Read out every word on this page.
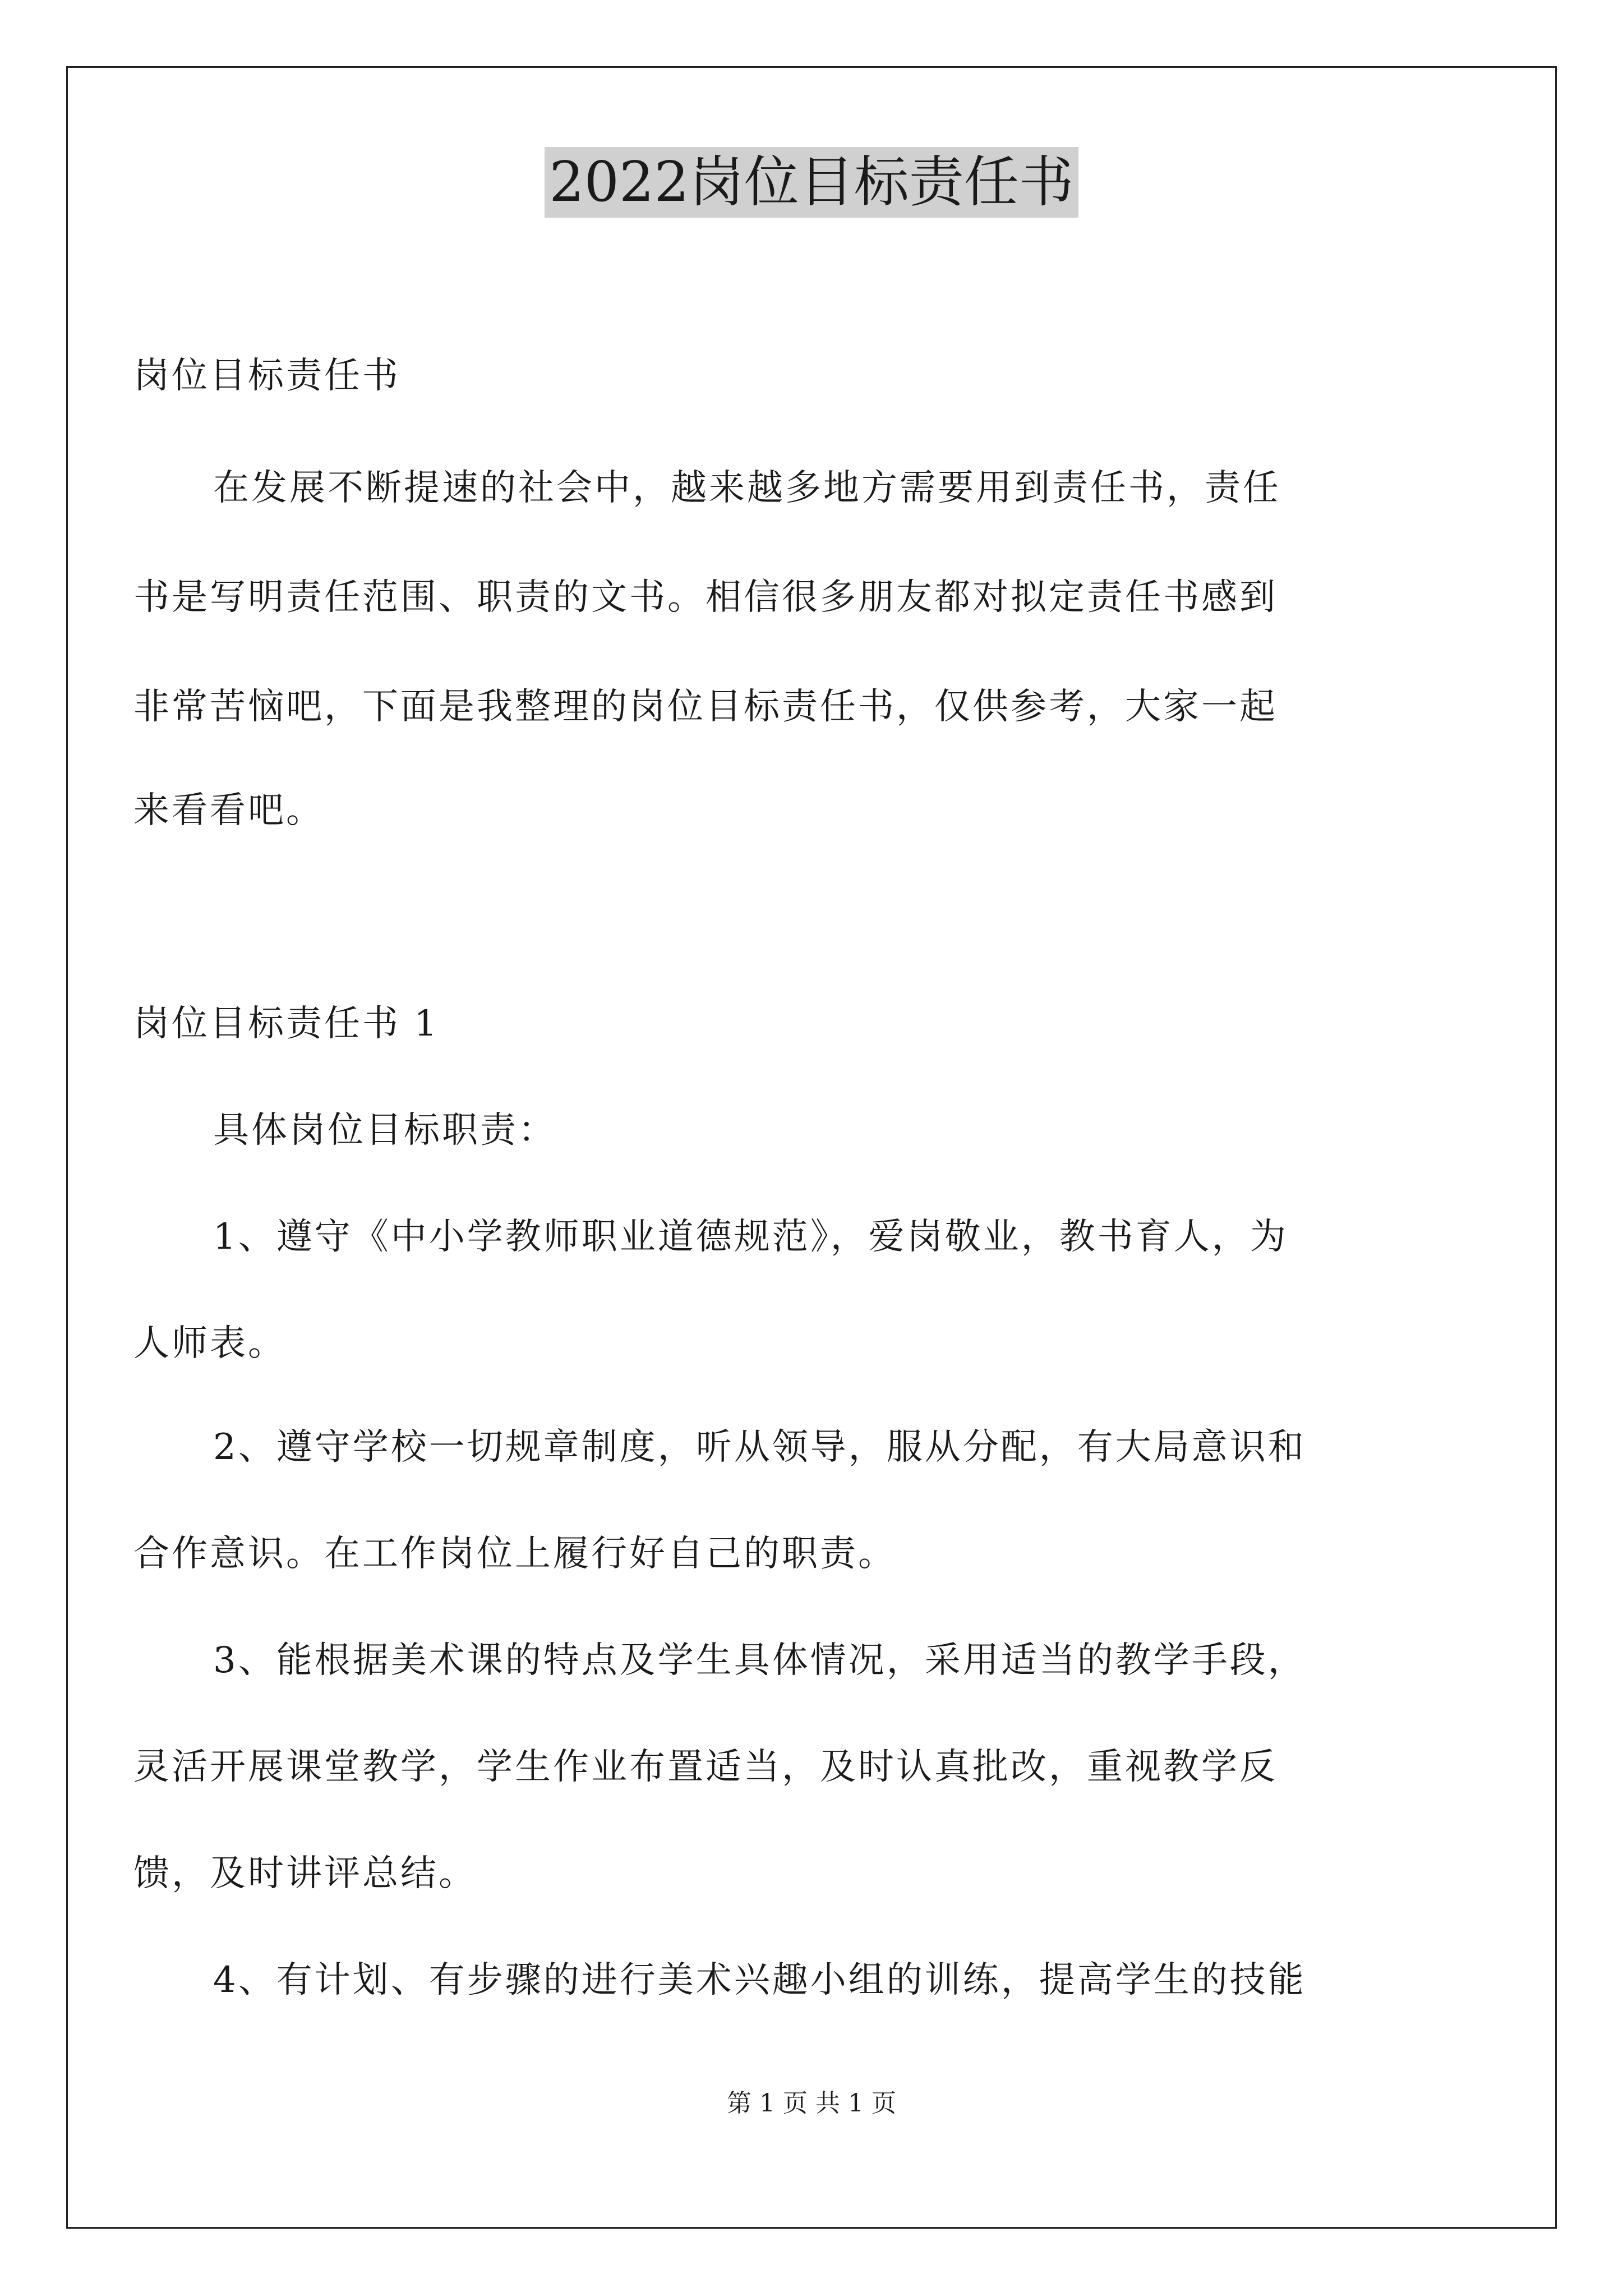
2022岗位目标责任书
岗位目标责任书
在发展不断提速的社会中，越来越多地方需要用到责任书，责任
书是写明责任范围、职责的文书。相信很多朋友都对拟定责任书感到
非常苦恼吧，下面是我整理的岗位目标责任书，仅供参考，大家一起
来看看吧。
岗位目标责任书 1
具体岗位目标职责：
1、遵守《中小学教师职业道德规范》，爱岗敬业，教书育人，为
人师表。
2、遵守学校一切规章制度，听从领导，服从分配，有大局意识和
合作意识。在工作岗位上履行好自己的职责。
3、能根据美术课的特点及学生具体情况，采用适当的教学手段，
灵活开展课堂教学，学生作业布置适当，及时认真批改，重视教学反
馈，及时讲评总结。
4、有计划、有步骤的进行美术兴趣小组的训练，提高学生的技能
第 1 页 共 1 页
